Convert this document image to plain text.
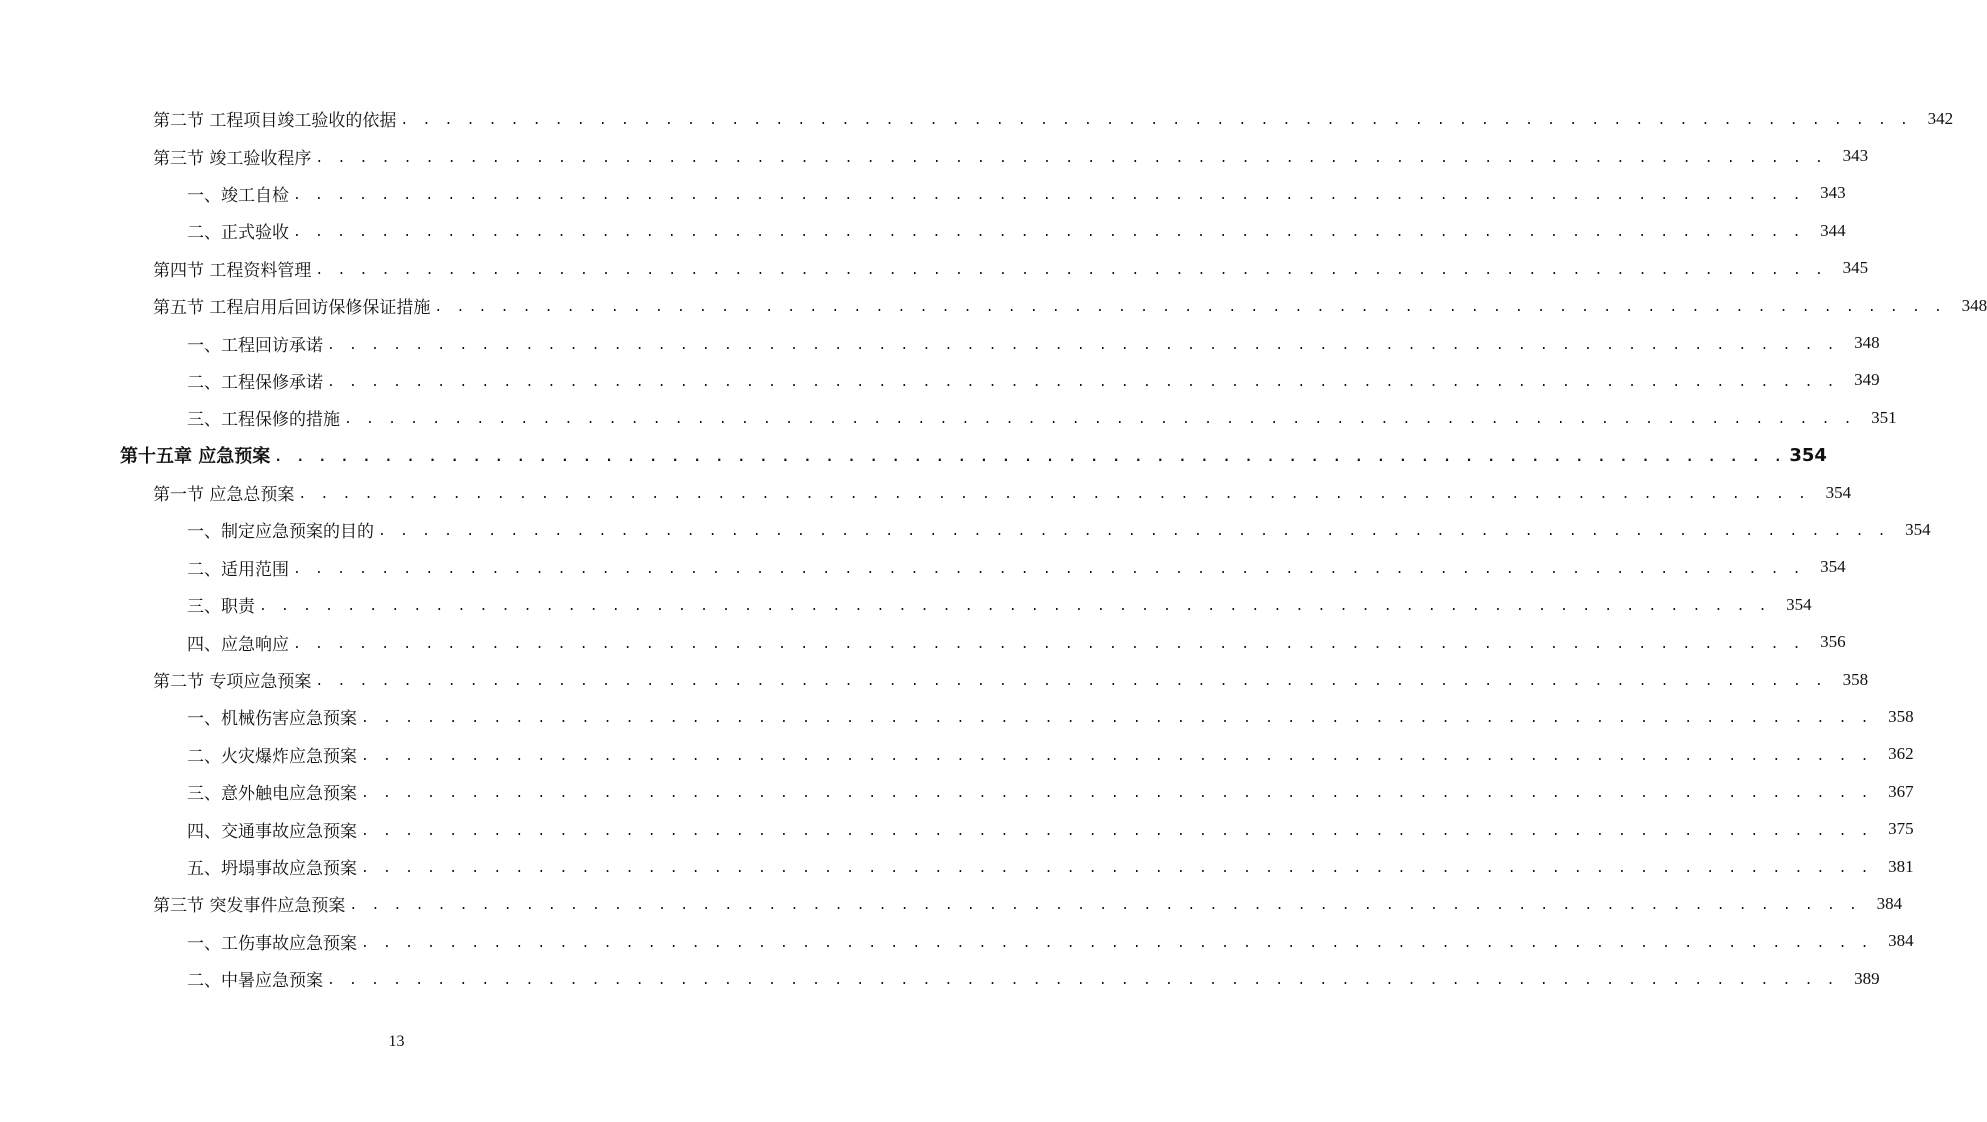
第二节 工程项目竣工验收的依据 . . . . . . . . . . . . . . . . . . . . . . . . . . . . . . . . . . . . . . . . . . . . . . . . . . . . . . . . . . . . . . . . . . . . . 342
第三节 竣工验收程序 . . . . . . . . . . . . . . . . . . . . . . . . . . . . . . . . . . . . . . . . . . . . . . . . . . . . . . . . . . . . . . . . . . . . . 343
一、竣工自检 . . . . . . . . . . . . . . . . . . . . . . . . . . . . . . . . . . . . . . . . . . . . . . . . . . . . . . . . . . . . . . . . . . . . . 343
二、正式验收 . . . . . . . . . . . . . . . . . . . . . . . . . . . . . . . . . . . . . . . . . . . . . . . . . . . . . . . . . . . . . . . . . . . . . 344
第四节 工程资料管理 . . . . . . . . . . . . . . . . . . . . . . . . . . . . . . . . . . . . . . . . . . . . . . . . . . . . . . . . . . . . . . . . . . . . . 345
第五节 工程启用后回访保修保证措施 . . . . . . . . . . . . . . . . . . . . . . . . . . . . . . . . . . . . . . . . . . . . . . . . . . . . . . . . . . . . . . . . . . . . . 348
一、工程回访承诺 . . . . . . . . . . . . . . . . . . . . . . . . . . . . . . . . . . . . . . . . . . . . . . . . . . . . . . . . . . . . . . . . . . . . . 348
二、工程保修承诺 . . . . . . . . . . . . . . . . . . . . . . . . . . . . . . . . . . . . . . . . . . . . . . . . . . . . . . . . . . . . . . . . . . . . . 349
三、工程保修的措施 . . . . . . . . . . . . . . . . . . . . . . . . . . . . . . . . . . . . . . . . . . . . . . . . . . . . . . . . . . . . . . . . . . . . . 351
第十五章 应急预案 . . . . . . . . . . . . . . . . . . . . . . . . . . . . . . . . . . . . . . . . . . . . . . . . . . . . . . . . . . . . . . . . . . . . . 354
第一节 应急总预案 . . . . . . . . . . . . . . . . . . . . . . . . . . . . . . . . . . . . . . . . . . . . . . . . . . . . . . . . . . . . . . . . . . . . . 354
一、制定应急预案的目的 . . . . . . . . . . . . . . . . . . . . . . . . . . . . . . . . . . . . . . . . . . . . . . . . . . . . . . . . . . . . . . . . . . . . . 354
二、适用范围 . . . . . . . . . . . . . . . . . . . . . . . . . . . . . . . . . . . . . . . . . . . . . . . . . . . . . . . . . . . . . . . . . . . . . 354
三、职责 . . . . . . . . . . . . . . . . . . . . . . . . . . . . . . . . . . . . . . . . . . . . . . . . . . . . . . . . . . . . . . . . . . . . . 354
四、应急响应 . . . . . . . . . . . . . . . . . . . . . . . . . . . . . . . . . . . . . . . . . . . . . . . . . . . . . . . . . . . . . . . . . . . . . 356
第二节 专项应急预案 . . . . . . . . . . . . . . . . . . . . . . . . . . . . . . . . . . . . . . . . . . . . . . . . . . . . . . . . . . . . . . . . . . . . . 358
一、机械伤害应急预案 . . . . . . . . . . . . . . . . . . . . . . . . . . . . . . . . . . . . . . . . . . . . . . . . . . . . . . . . . . . . . . . . . . . . . 358
二、火灾爆炸应急预案 . . . . . . . . . . . . . . . . . . . . . . . . . . . . . . . . . . . . . . . . . . . . . . . . . . . . . . . . . . . . . . . . . . . . . 362
三、意外触电应急预案 . . . . . . . . . . . . . . . . . . . . . . . . . . . . . . . . . . . . . . . . . . . . . . . . . . . . . . . . . . . . . . . . . . . . . 367
四、交通事故应急预案 . . . . . . . . . . . . . . . . . . . . . . . . . . . . . . . . . . . . . . . . . . . . . . . . . . . . . . . . . . . . . . . . . . . . . 375
五、坍塌事故应急预案 . . . . . . . . . . . . . . . . . . . . . . . . . . . . . . . . . . . . . . . . . . . . . . . . . . . . . . . . . . . . . . . . . . . . . 381
第三节 突发事件应急预案 . . . . . . . . . . . . . . . . . . . . . . . . . . . . . . . . . . . . . . . . . . . . . . . . . . . . . . . . . . . . . . . . . . . . . 384
一、工伤事故应急预案 . . . . . . . . . . . . . . . . . . . . . . . . . . . . . . . . . . . . . . . . . . . . . . . . . . . . . . . . . . . . . . . . . . . . . 384
二、中暑应急预案 . . . . . . . . . . . . . . . . . . . . . . . . . . . . . . . . . . . . . . . . . . . . . . . . . . . . . . . . . . . . . . . . . . . . . 389
13
